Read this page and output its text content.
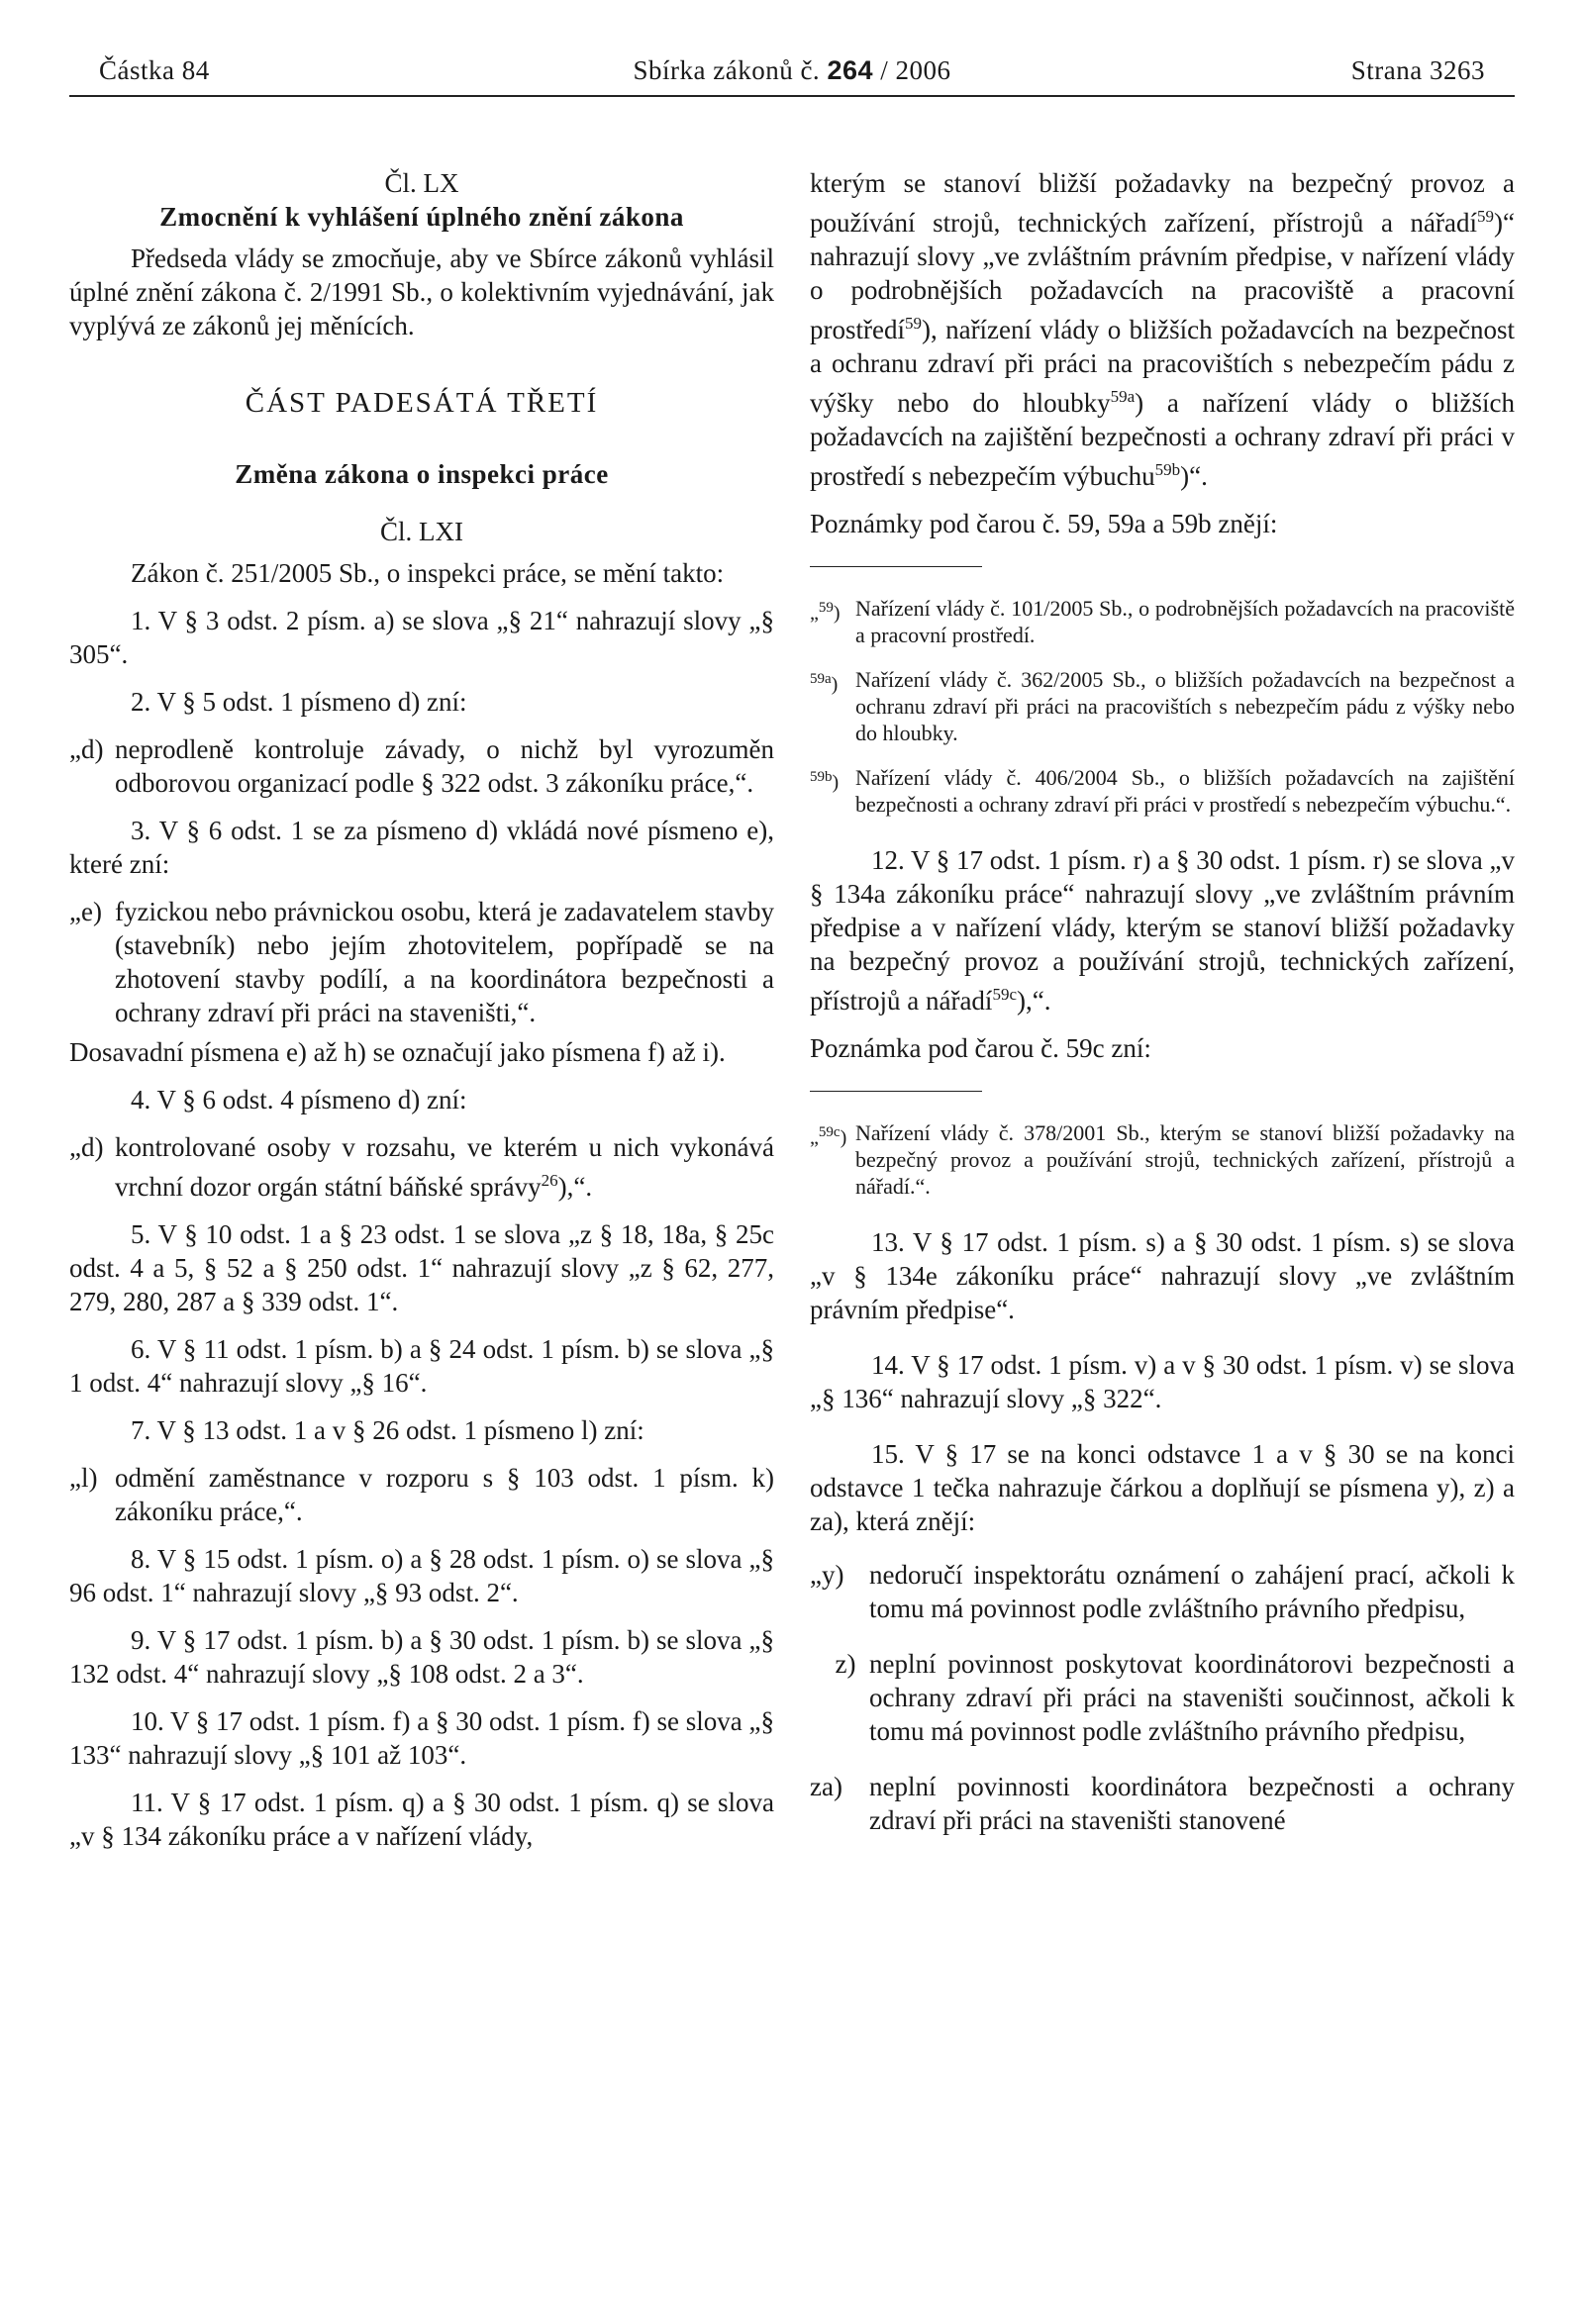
Částka 84	Sbírka zákonů č. 264 / 2006	Strana 3263
Čl. LX
Zmocnění k vyhlášení úplného znění zákona

Předseda vlády se zmocňuje, aby ve Sbírce zákonů vyhlásil úplné znění zákona č. 2/1991 Sb., o kolektivním vyjednávání, jak vyplývá ze zákonů jej měnících.

ČÁST PADESÁTÁ TŘETÍ
Změna zákona o inspekci práce
Čl. LXI

Zákon č. 251/2005 Sb., o inspekci práce, se mění takto:

1. V § 3 odst. 2 písm. a) se slova „§ 21“ nahrazují slovy „§ 305“.

2. V § 5 odst. 1 písmeno d) zní:

„d) neprodleně kontroluje závady, o nichž byl vyrozuměn odborovou organizací podle § 322 odst. 3 zákoníku práce,“.

3. V § 6 odst. 1 se za písmeno d) vkládá nové písmeno e), které zní:

„e) fyzickou nebo právnickou osobu, která je zadavatelem stavby (stavebník) nebo jejím zhotovitelem, popřípadě se na zhotovení stavby podílí, a na koordinátora bezpečnosti a ochrany zdraví při práci na staveništi,“.

Dosavadní písmena e) až h) se označují jako písmena f) až i).

4. V § 6 odst. 4 písmeno d) zní:

„d) kontrolované osoby v rozsahu, ve kterém u nich vykonává vrchní dozor orgán státní báňské správy$^{26}$),“.

5. V § 10 odst. 1 a § 23 odst. 1 se slova „z § 18, 18a, § 25c odst. 4 a 5, § 52 a § 250 odst. 1“ nahrazují slovy „z § 62, 277, 279, 280, 287 a § 339 odst. 1“.

6. V § 11 odst. 1 písm. b) a § 24 odst. 1 písm. b) se slova „§ 1 odst. 4“ nahrazují slovy „§ 16“.

7. V § 13 odst. 1 a v § 26 odst. 1 písmeno l) zní:

„l) odmění zaměstnance v rozporu s § 103 odst. 1 písm. k) zákoníku práce,“.

8. V § 15 odst. 1 písm. o) a § 28 odst. 1 písm. o) se slova „§ 96 odst. 1“ nahrazují slovy „§ 93 odst. 2“.

9. V § 17 odst. 1 písm. b) a § 30 odst. 1 písm. b) se slova „§ 132 odst. 4“ nahrazují slovy „§ 108 odst. 2 a 3“.

10. V § 17 odst. 1 písm. f) a § 30 odst. 1 písm. f) se slova „§ 133“ nahrazují slovy „§ 101 až 103“.

11. V § 17 odst. 1 písm. q) a § 30 odst. 1 písm. q) se slova „v § 134 zákoníku práce a v nařízení vlády,

kterým se stanoví bližší požadavky na bezpečný provoz a používání strojů, technických zařízení, přístrojů a nářadí$^{59}$)“ nahrazují slovy „ve zvláštním právním předpise, v nařízení vlády o podrobnějších požadavcích na pracoviště a pracovní prostředí$^{59}$), nařízení vlády o bližších požadavcích na bezpečnost a ochranu zdraví při práci na pracovištích s nebezpečím pádu z výšky nebo do hloubky$^{59a}$) a nařízení vlády o bližších požadavcích na zajištění bezpečnosti a ochrany zdraví při práci v prostředí s nebezpečím výbuchu$^{59b}$)“.

Poznámky pod čarou č. 59, 59a a 59b znějí:

„$^{59}$) Nařízení vlády č. 101/2005 Sb., o podrobnějších požadavcích na pracoviště a pracovní prostředí.
$^{59a}$) Nařízení vlády č. 362/2005 Sb., o bližších požadavcích na bezpečnost a ochranu zdraví při práci na pracovištích s nebezpečím pádu z výšky nebo do hloubky.
$^{59b}$) Nařízení vlády č. 406/2004 Sb., o bližších požadavcích na zajištění bezpečnosti a ochrany zdraví při práci v prostředí s nebezpečím výbuchu.“.

12. V § 17 odst. 1 písm. r) a § 30 odst. 1 písm. r) se slova „v § 134a zákoníku práce“ nahrazují slovy „ve zvláštním právním předpise a v nařízení vlády, kterým se stanoví bližší požadavky na bezpečný provoz a používání strojů, technických zařízení, přístrojů a nářadí$^{59c}$),“.

Poznámka pod čarou č. 59c zní:

„$^{59c}$) Nařízení vlády č. 378/2001 Sb., kterým se stanoví bližší požadavky na bezpečný provoz a používání strojů, technických zařízení, přístrojů a nářadí.“.

13. V § 17 odst. 1 písm. s) a § 30 odst. 1 písm. s) se slova „v § 134e zákoníku práce“ nahrazují slovy „ve zvláštním právním předpise“.

14. V § 17 odst. 1 písm. v) a v § 30 odst. 1 písm. v) se slova „§ 136“ nahrazují slovy „§ 322“.

15. V § 17 se na konci odstavce 1 a v § 30 se na konci odstavce 1 tečka nahrazuje čárkou a doplňují se písmena y), z) a za), která znějí:

„y) nedoručí inspektorátu oznámení o zahájení prací, ačkoli k tomu má povinnost podle zvláštního právního předpisu,
z) neplní povinnost poskytovat koordinátorovi bezpečnosti a ochrany zdraví při práci na staveništi součinnost, ačkoli k tomu má povinnost podle zvláštního právního předpisu,
za)	neplní povinnosti koordinátora bezpečnosti a ochrany zdraví při práci na staveništi stanovené
